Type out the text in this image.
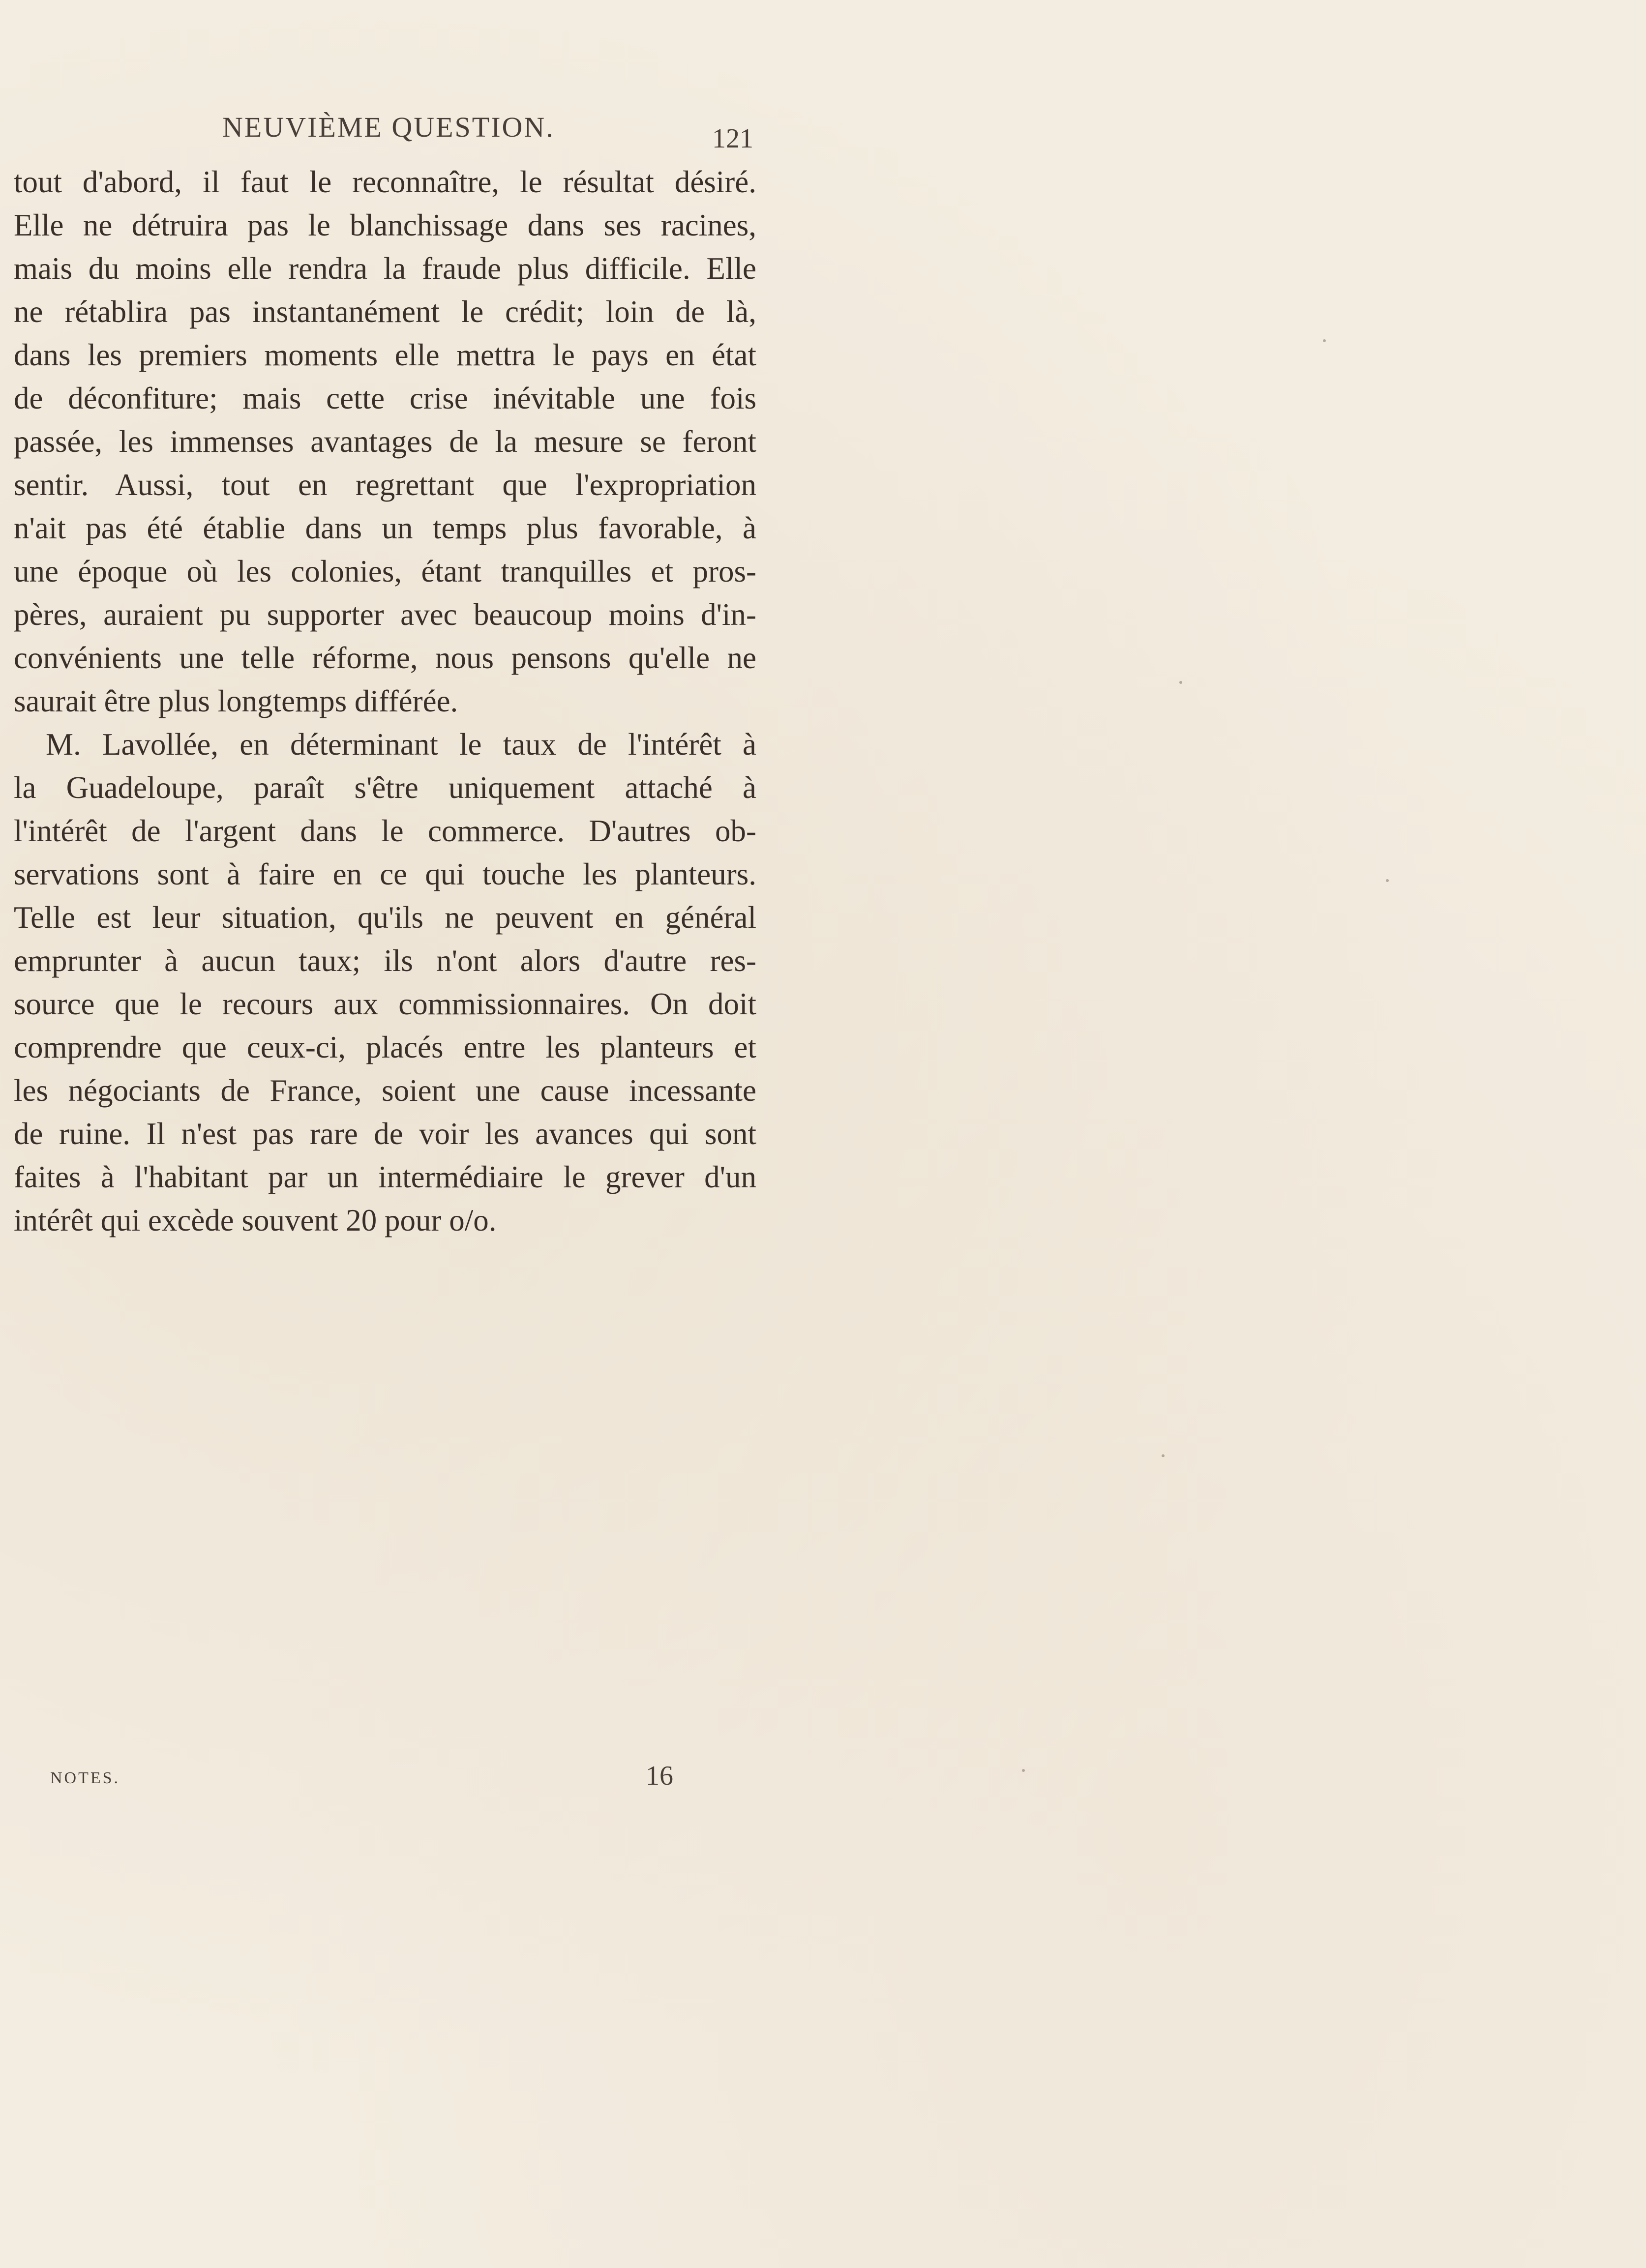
NEUVIÈME QUESTION.	121
tout d'abord, il faut le reconnaître, le résultat désiré.
Elle ne détruira pas le blanchissage dans ses racines,
mais du moins elle rendra la fraude plus difficile. Elle
ne rétablira pas instantanément le crédit; loin de là,
dans les premiers moments elle mettra le pays en état
de déconfiture; mais cette crise inévitable une fois
passée, les immenses avantages de la mesure se feront
sentir. Aussi, tout en regrettant que l'expropriation
n'ait pas été établie dans un temps plus favorable, à
une époque où les colonies, étant tranquilles et pros-
pères, auraient pu supporter avec beaucoup moins d'in-
convénients une telle réforme, nous pensons qu'elle ne
saurait être plus longtemps différée.
M. Lavollée, en déterminant le taux de l'intérêt à
la Guadeloupe, paraît s'être uniquement attaché à
l'intérêt de l'argent dans le commerce. D'autres ob-
servations sont à faire en ce qui touche les planteurs.
Telle est leur situation, qu'ils ne peuvent en général
emprunter à aucun taux; ils n'ont alors d'autre res-
source que le recours aux commissionnaires. On doit
comprendre que ceux-ci, placés entre les planteurs et
les négociants de France, soient une cause incessante
de ruine. Il n'est pas rare de voir les avances qui sont
faites à l'habitant par un intermédiaire le grever d'un
intérêt qui excède souvent 20 pour o/o.
NOTES.	16
